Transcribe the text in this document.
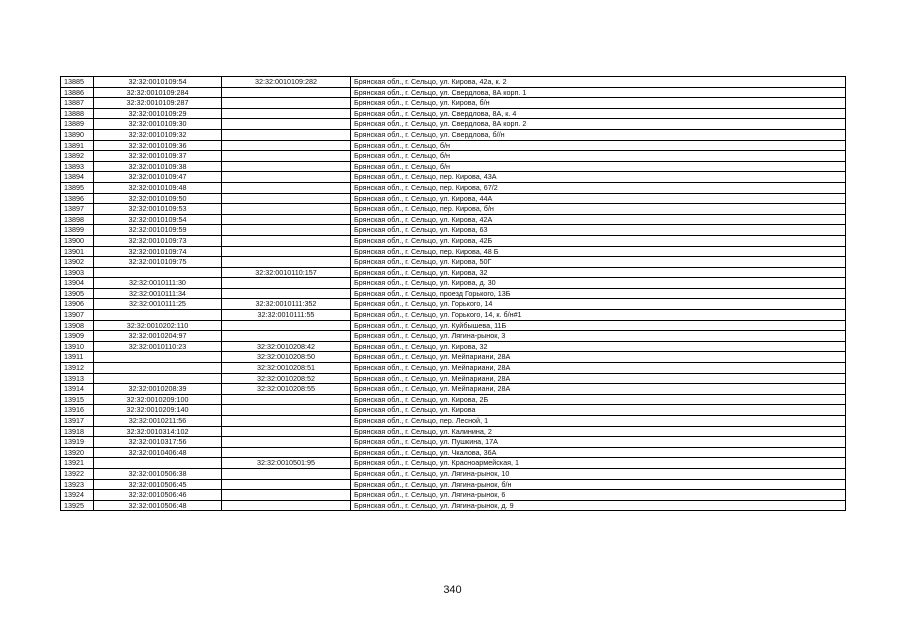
13885	32:32:0010109:54	32:32:0010109:282	Брянская обл., г. Сельцо, ул. Кирова, 42а, к. 2
13886	32:32:0010109:284		Брянская обл., г. Сельцо, ул. Свердлова, 8А корп. 1
13887	32:32:0010109:287		Брянская обл., г. Сельцо, ул. Кирова, б/н
13888	32:32:0010109:29		Брянская обл., г. Сельцо, ул. Свердлова, 8А, к. 4
13889	32:32:0010109:30		Брянская обл., г. Сельцо, ул. Свердлова, 8А корп. 2
13890	32:32:0010109:32		Брянская обл., г. Сельцо, ул. Свердлова, б//н
13891	32:32:0010109:36		Брянская обл., г. Сельцо, б/н
13892	32:32:0010109:37		Брянская обл., г. Сельцо, б/н
13893	32:32:0010109:38		Брянская обл., г. Сельцо, б/н
13894	32:32:0010109:47		Брянская обл., г. Сельцо, пер. Кирова, 43А
13895	32:32:0010109:48		Брянская обл., г. Сельцо, пер. Кирова, 67/2
13896	32:32:0010109:50		Брянская обл., г. Сельцо, ул. Кирова, 44А
13897	32:32:0010109:53		Брянская обл., г. Сельцо, пер. Кирова, б/н
13898	32:32:0010109:54		Брянская обл., г. Сельцо, ул. Кирова, 42А
13899	32:32:0010109:59		Брянская обл., г. Сельцо, ул. Кирова, 63
13900	32:32:0010109:73		Брянская обл., г. Сельцо, ул. Кирова, 42Б
13901	32:32:0010109:74		Брянская обл., г. Сельцо, пер. Кирова, 48 Б
13902	32:32:0010109:75		Брянская обл., г. Сельцо, ул. Кирова, 50Г
13903		32:32:0010110:157	Брянская обл., г. Сельцо, ул. Кирова, 32
13904	32:32:0010111:30		Брянская обл., г. Сельцо, ул. Кирова, д. 30
13905	32:32:0010111:34		Брянская обл., г. Сельцо, проезд Горького, 13Б
13906	32:32:0010111:25	32:32:0010111:352	Брянская обл., г. Сельцо, ул. Горького, 14
13907		32:32:0010111:55	Брянская обл., г. Сельцо, ул. Горького, 14, к. б/н#1
13908	32:32:0010202:110		Брянская обл., г. Сельцо, ул. Куйбышева, 11Б
13909	32:32:0010204:97		Брянская обл., г. Сельцо, ул. Лягина-рынок, 3
13910	32:32:0010110:23	32:32:0010208:42	Брянская обл., г. Сельцо, ул. Кирова, 32
13911		32:32:0010208:50	Брянская обл., г. Сельцо, ул. Мейпариани, 28А
13912		32:32:0010208:51	Брянская обл., г. Сельцо, ул. Мейпариани, 28А
13913		32:32:0010208:52	Брянская обл., г. Сельцо, ул. Мейпариани, 28А
13914	32:32:0010208:39	32:32:0010208:55	Брянская обл., г. Сельцо, ул. Мейпариани, 28А
13915	32:32:0010209:100		Брянская обл., г. Сельцо, ул. Кирова, 2Б
13916	32:32:0010209:140		Брянская обл., г. Сельцо, ул. Кирова
13917	32:32:0010211:56		Брянская обл., г. Сельцо, пер. Лесной, 1
13918	32:32:0010314:102		Брянская обл., г. Сельцо, ул. Калинина, 2
13919	32:32:0010317:56		Брянская обл., г. Сельцо, ул. Пушкина, 17А
13920	32:32:0010406:48		Брянская обл., г. Сельцо, ул. Чкалова, 36А
13921		32:32:0010501:95	Брянская обл., г. Сельцо, ул. Красноармейская, 1
13922	32:32:0010506:38		Брянская обл., г. Сельцо, ул. Лягина-рынок, 10
13923	32:32:0010506:45		Брянская обл., г. Сельцо, ул. Лягина-рынок, б/н
13924	32:32:0010506:46		Брянская обл., г. Сельцо, ул. Лягина-рынок, 6
13925	32:32:0010506:48		Брянская обл., г. Сельцо, ул. Лягина-рынок, д. 9
340
